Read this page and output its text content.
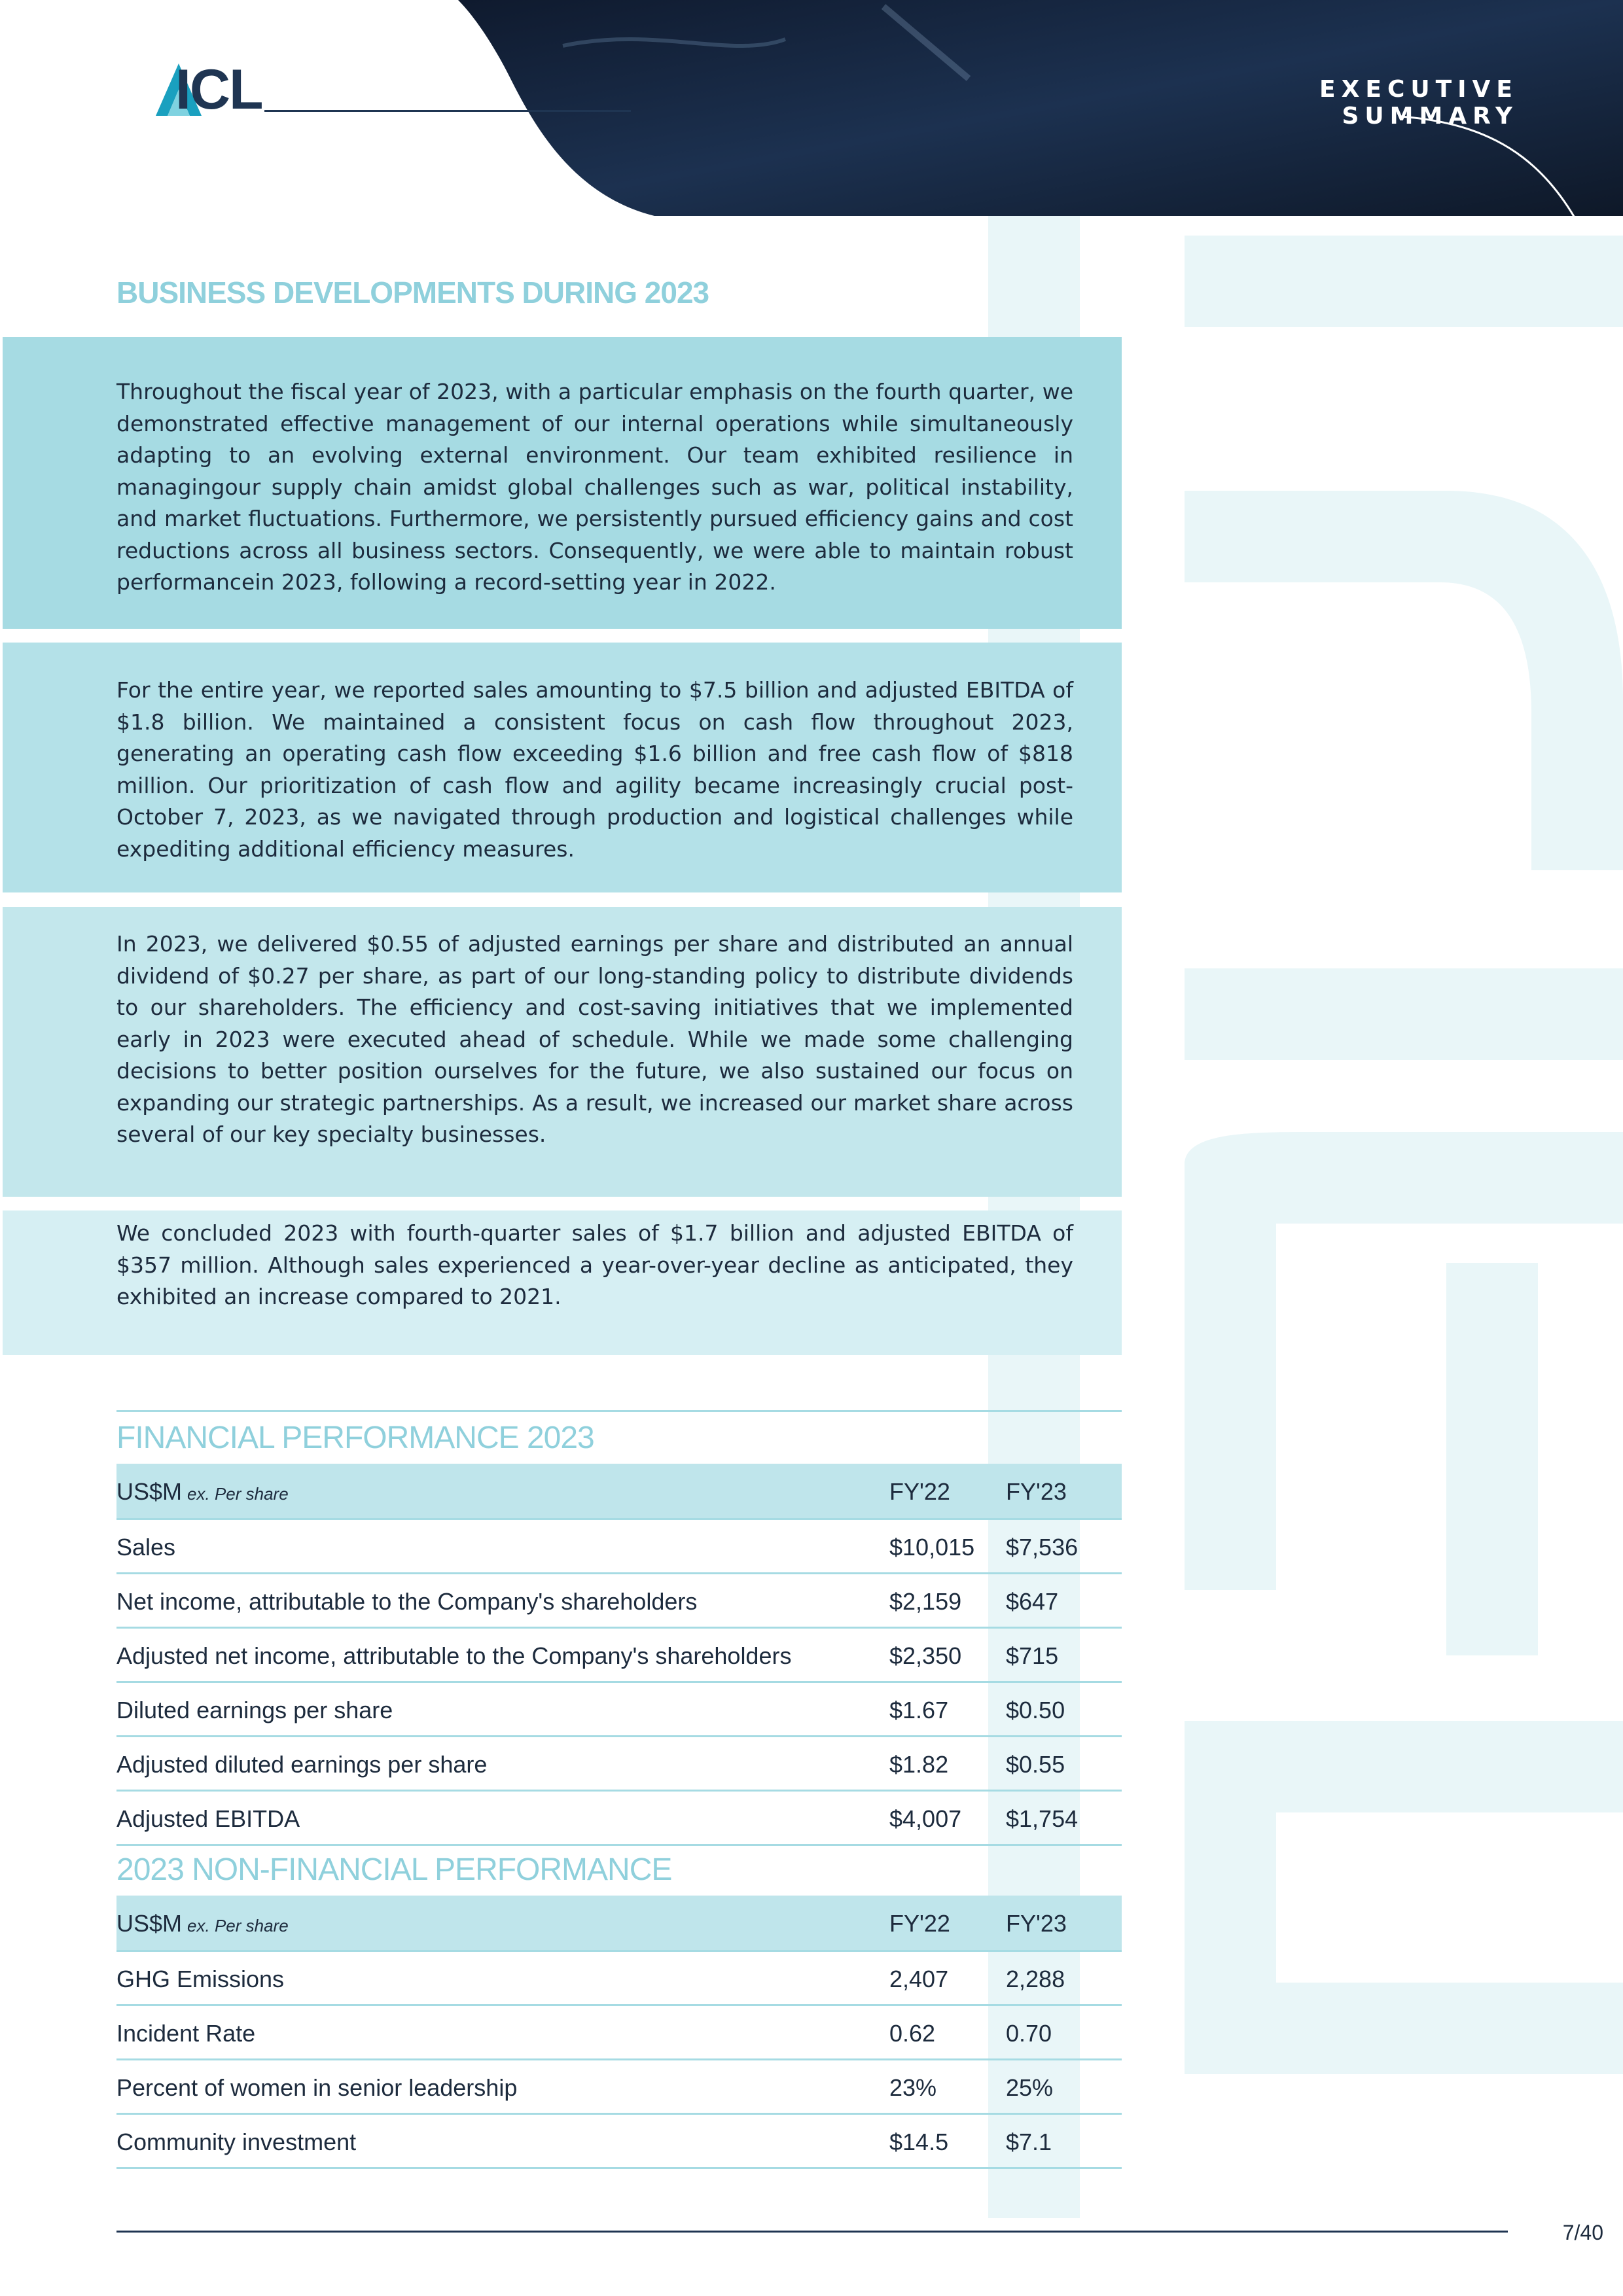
ICL	EXECUTIVE SUMMARY
BUSINESS DEVELOPMENTS DURING 2023

Throughout the fiscal year of 2023, with a particular emphasis on the fourth quarter, we demonstrated effective management of our internal operations while simultaneously adapting to an evolving external environment. Our team exhibited resilience in managingour supply chain amidst global challenges such as war, political instability, and market fluctuations. Furthermore, we persistently pursued efficiency gains and cost reductions across all business sectors. Consequently, we were able to maintain robust performancein 2023, following a record-setting year in 2022.

For the entire year, we reported sales amounting to $7.5 billion and adjusted EBITDA of $1.8 billion. We maintained a consistent focus on cash flow throughout 2023, generating an operating cash flow exceeding $1.6 billion and free cash flow of $818 million. Our prioritization of cash flow and agility became increasingly crucial post-October 7, 2023, as we navigated through production and logistical challenges while expediting additional efficiency measures.

In 2023, we delivered $0.55 of adjusted earnings per share and distributed an annual dividend of $0.27 per share, as part of our long-standing policy to distribute dividends to our shareholders. The efficiency and cost-saving initiatives that we implemented early in 2023 were executed ahead of schedule. While we made some challenging decisions to better position ourselves for the future, we also sustained our focus on expanding our strategic partnerships. As a result, we increased our market share across several of our key specialty businesses.

We concluded 2023 with fourth-quarter sales of $1.7 billion and adjusted EBITDA of $357 million. Although sales experienced a year-over-year decline as anticipated, they exhibited an increase compared to 2021.

FINANCIAL PERFORMANCE 2023
US$M ex. Per share	FY'22 FY'23
Sales	$10,015 $7,536
Net income, attributable to the Company's shareholders	$2,159 $647
Adjusted net income, attributable to the Company's shareholders	$2,350 $715
Diluted earnings per share	$1.67 $0.50
Adjusted diluted earnings per share	$1.82 $0.55
Adjusted EBITDA	$4,007 $1,754
2023 NON-FINANCIAL PERFORMANCE
US$M ex. Per share	FY'22 FY'23
GHG Emissions	2,407 2,288
Incident Rate	0.62	0.70
Percent of women in senior leadership	23%	25%
Community investment	$14.5 $7.1
7/40
